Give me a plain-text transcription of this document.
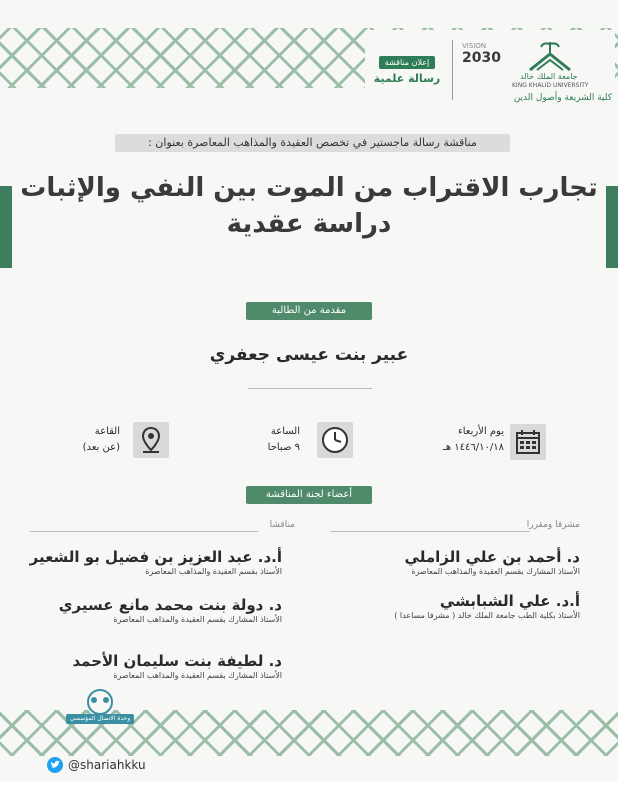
إعلان مناقشة
رسالة علمية
VISION
2030
جامعة الملك خالد
KING KHALID UNIVERSITY
كلية الشريعة وأصول الدين
مناقشة رسالة ماجستير في تخصص العقيدة والمذاهب المعاصرة بعنوان :
تجارب الاقتراب من الموت بين النفي والإثبات
دراسة عقدية
مقدمة من الطالبة
عبير بنت عيسى جعفري
يوم الأربعاء
١٤٤٦/١٠/١٨ هـ
الساعة
٩ صباحا
القاعة
(عن بعد)
أعضاء لجنة المناقشة
مشرفا ومقررا
مناقشا
د. أحمد بن علي الزاملي
الأستاذ المشارك بقسم العقيدة والمذاهب المعاصرة
أ.د. علي الشبابشي
الأستاذ بكلية الطب جامعة الملك خالد ( مشرفا مساعدا )
أ.د. عبد العزيز بن فضيل بو الشعير
الأستاذ بقسم العقيدة والمذاهب المعاصرة
د. دولة بنت محمد مانع عسيري
الأستاذ المشارك بقسم العقيدة والمذاهب المعاصرة
د. لطيفة بنت سليمان الأحمد
الأستاذ المشارك بقسم العقيدة والمذاهب المعاصرة
وحدة الاتصال المؤسسي
@shariahkku
